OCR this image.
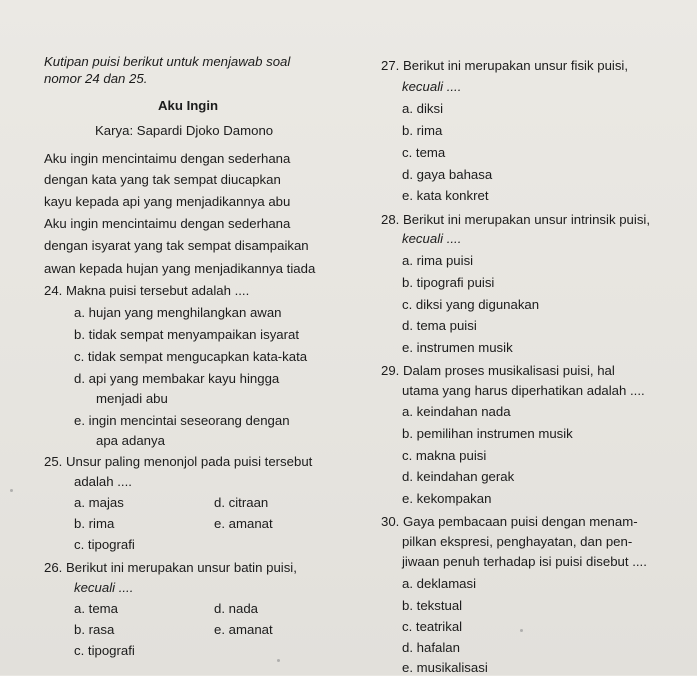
Kutipan puisi berikut untuk menjawab soal
nomor 24 dan 25.
Aku Ingin
Karya: Sapardi Djoko Damono
Aku ingin mencintaimu dengan sederhana
dengan kata yang tak sempat diucapkan
kayu kepada api yang menjadikannya abu
Aku ingin mencintaimu dengan sederhana
dengan isyarat yang tak sempat disampaikan
awan kepada hujan yang menjadikannya tiada
24. Makna puisi tersebut adalah ....
a. hujan yang menghilangkan awan
b. tidak sempat menyampaikan isyarat
c. tidak sempat mengucapkan kata-kata
d. api yang membakar kayu hingga
menjadi abu
e. ingin mencintai seseorang dengan
apa adanya
25. Unsur paling menonjol pada puisi tersebut
adalah ....
a. majas	d. citraan
b. rima	e. amanat
c. tipografi
26. Berikut ini merupakan unsur batin puisi,
kecuali ....
a. tema	d. nada
b. rasa	e. amanat
c. tipografi
27. Berikut ini merupakan unsur fisik puisi,
kecuali ....
a. diksi
b. rima
c. tema
d. gaya bahasa
e. kata konkret
28. Berikut ini merupakan unsur intrinsik puisi,
kecuali ....
a. rima puisi
b. tipografi puisi
c. diksi yang digunakan
d. tema puisi
e. instrumen musik
29. Dalam proses musikalisasi puisi, hal
utama yang harus diperhatikan adalah ....
a. keindahan nada
b. pemilihan instrumen musik
c. makna puisi
d. keindahan gerak
e. kekompakan
30. Gaya pembacaan puisi dengan menam-
pilkan ekspresi, penghayatan, dan pen-
jiwaan penuh terhadap isi puisi disebut ....
a. deklamasi
b. tekstual
c. teatrikal
d. hafalan
e. musikalisasi
